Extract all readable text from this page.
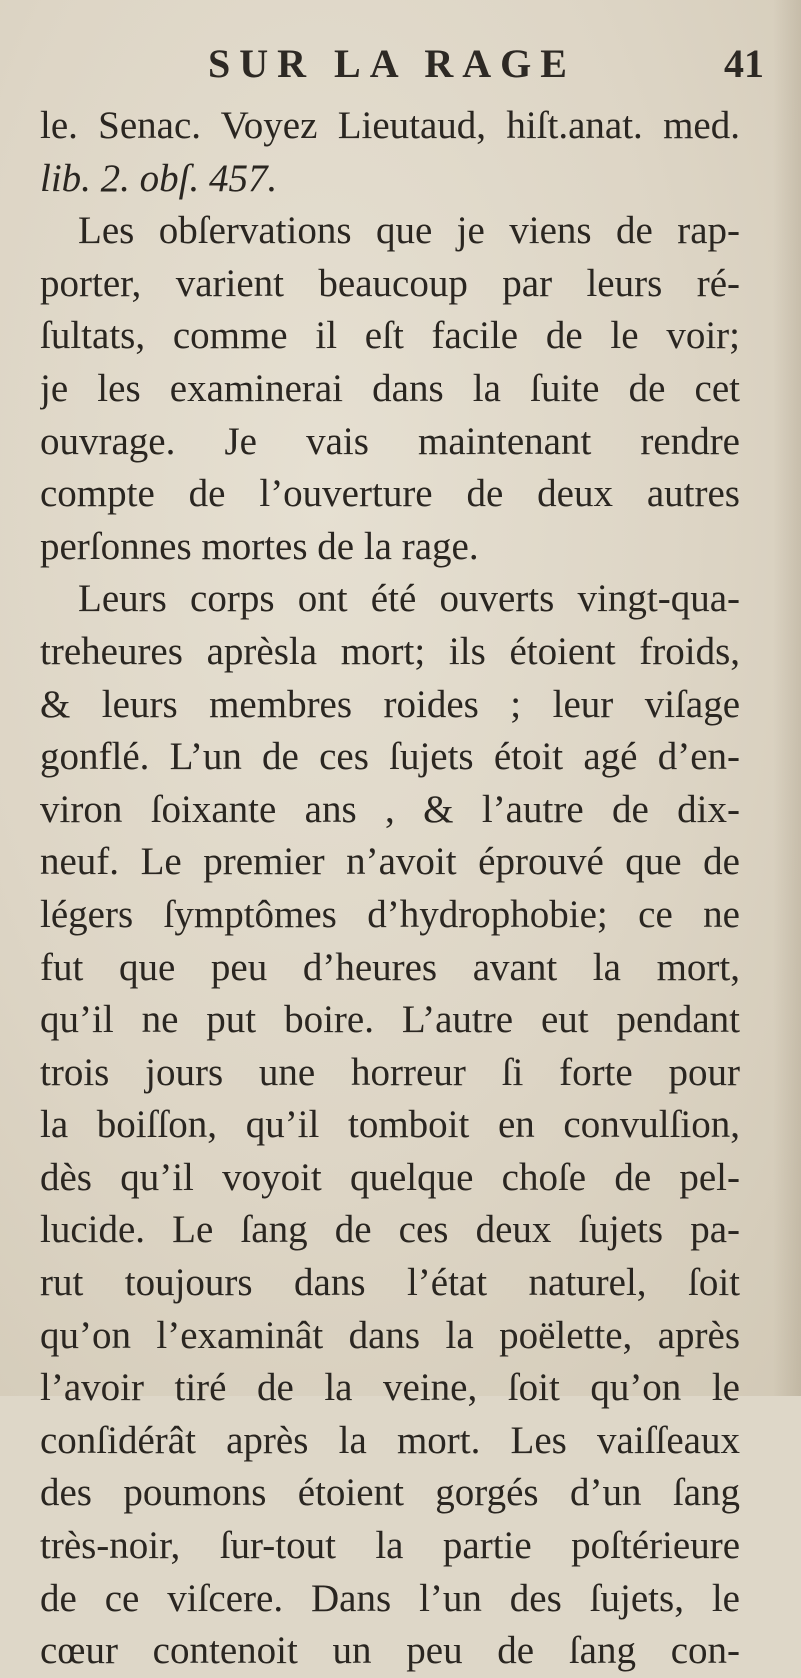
SUR LA RAGE	41
le. Senac. Voyez Lieutaud, hiſt.anat. med.
lib. 2. obſ. 457.
Les obſervations que je viens de rap-
porter, varient beaucoup par leurs ré-
ſultats, comme il eſt facile de le voir;
je les examinerai dans la ſuite de cet
ouvrage. Je vais maintenant rendre
compte de l’ouverture de deux autres
perſonnes mortes de la rage.
Leurs corps ont été ouverts vingt-qua-
treheures aprèsla mort; ils étoient froids,
& leurs membres roides ; leur viſage
gonflé. L’un de ces ſujets étoit agé d’en-
viron ſoixante ans , & l’autre de dix-
neuf. Le premier n’avoit éprouvé que de
légers ſymptômes d’hydrophobie; ce ne
fut que peu d’heures avant la mort,
qu’il ne put boire. L’autre eut pendant
trois jours une horreur ſi forte pour
la boiſſon, qu’il tomboit en convulſion,
dès qu’il voyoit quelque choſe de pel-
lucide. Le ſang de ces deux ſujets pa-
rut toujours dans l’état naturel, ſoit
qu’on l’examinât dans la poëlette, après
l’avoir tiré de la veine, ſoit qu’on le
conſidérât après la mort. Les vaiſſeaux
des poumons étoient gorgés d’un ſang
très-noir, ſur-tout la partie poſtérieure
de ce viſcere. Dans l’un des ſujets, le
cœur contenoit un peu de ſang con-
